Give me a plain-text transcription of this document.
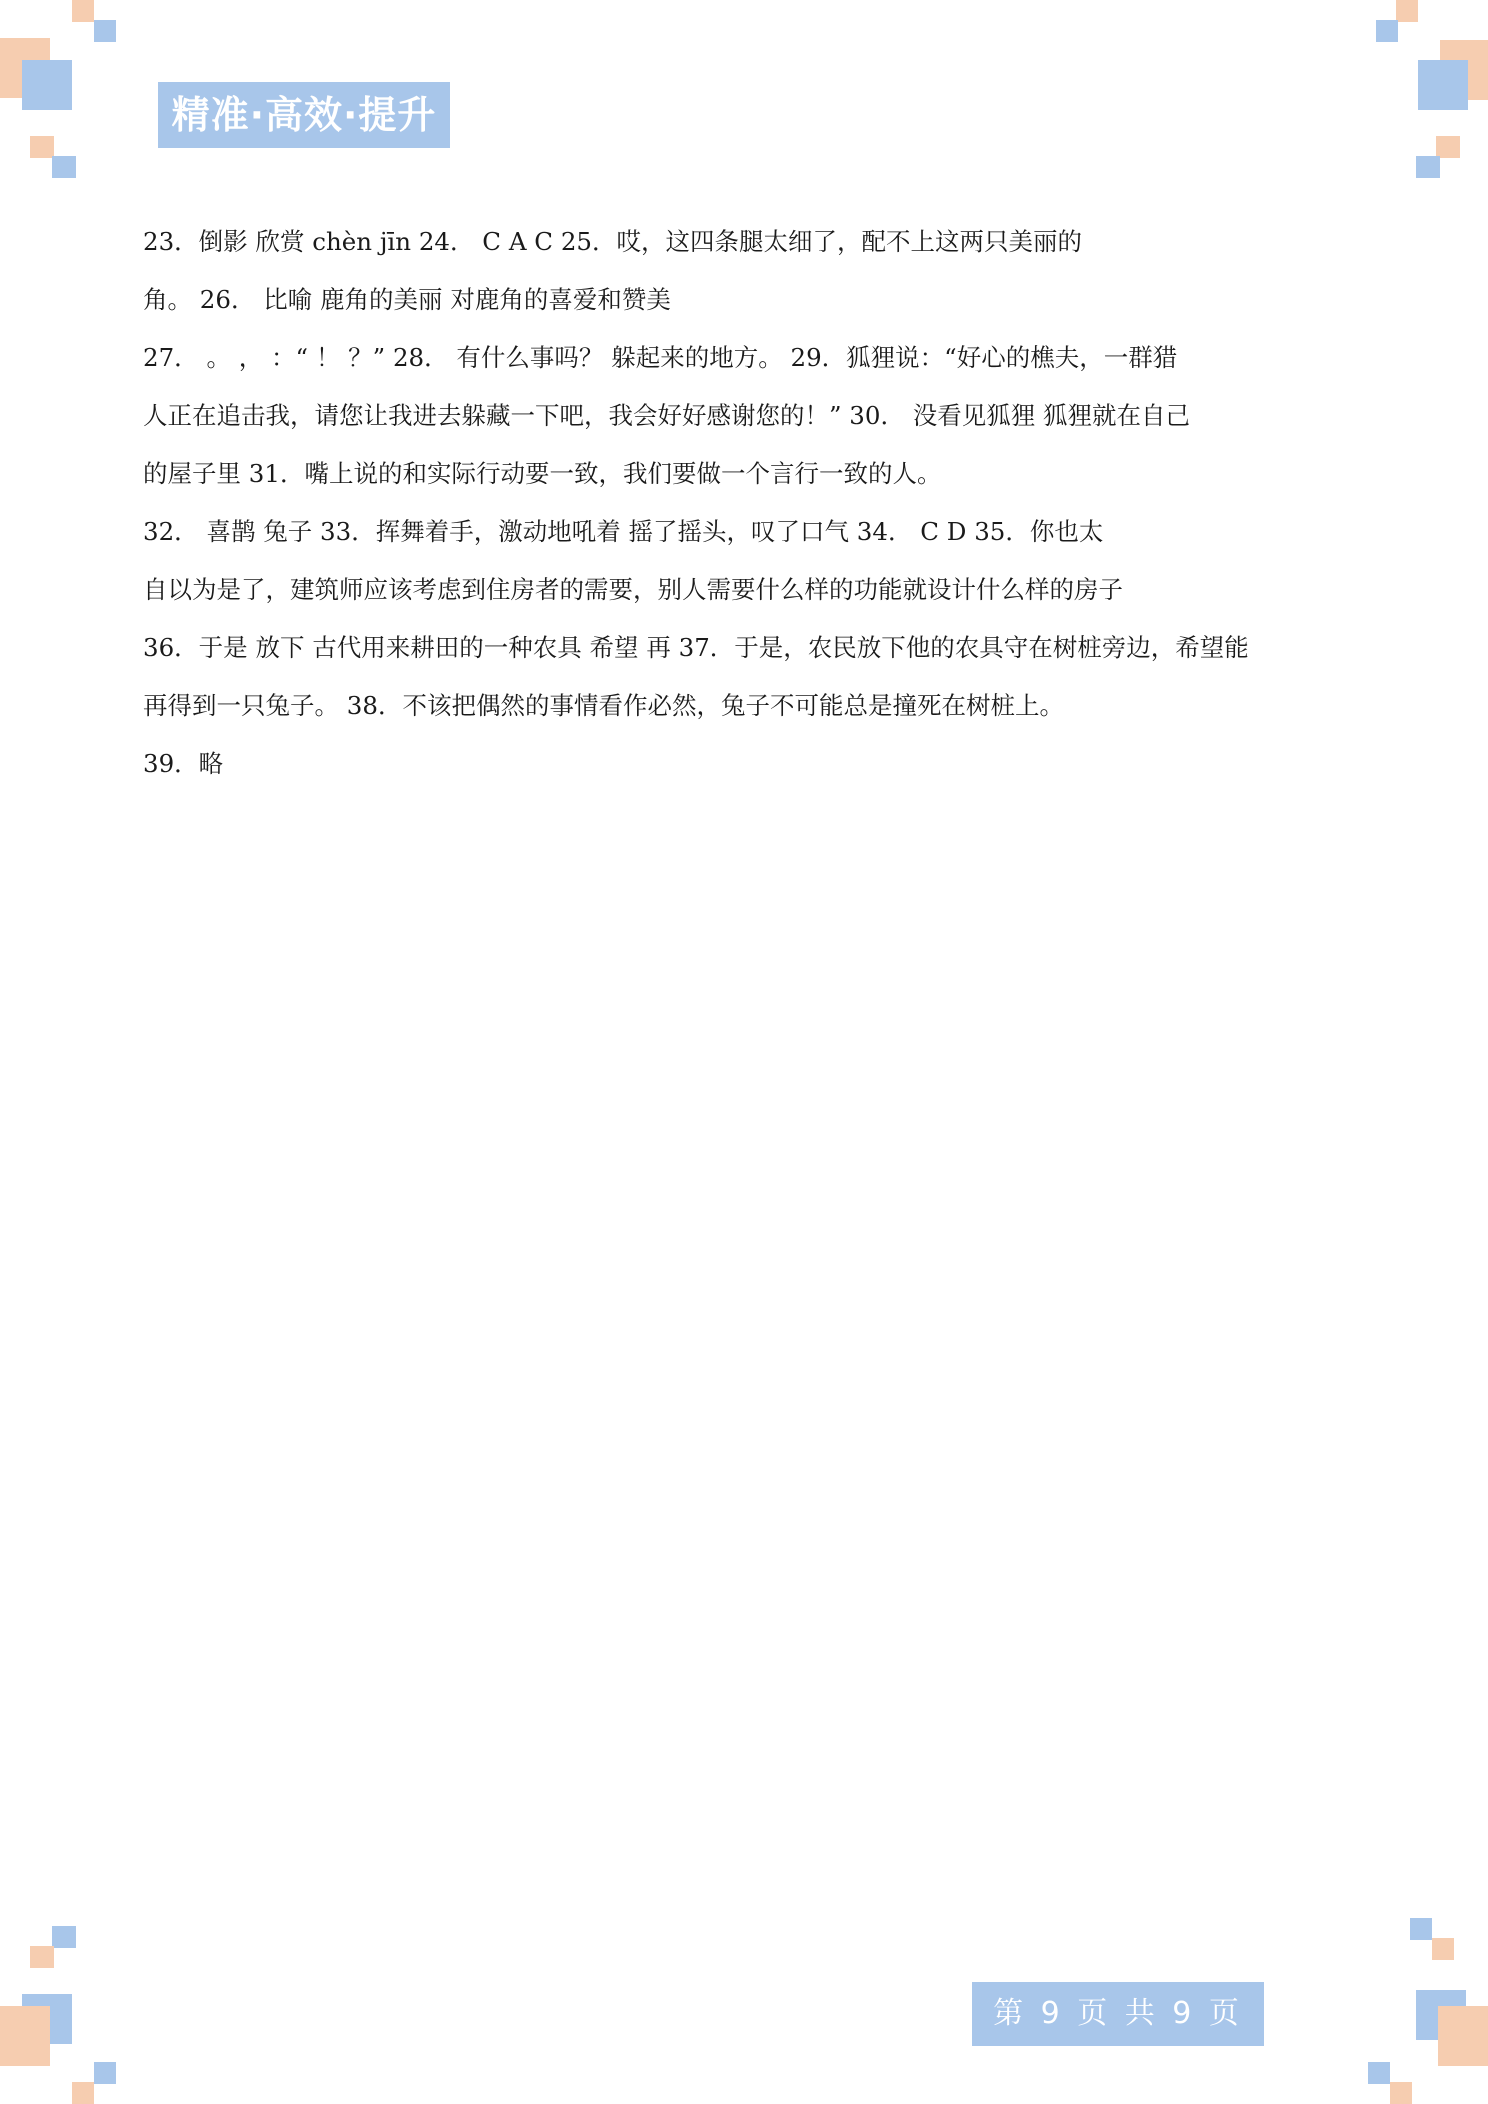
精准·高效·提升
23．倒影 欣赏 chèn jīn 24． C A C 25．哎，这四条腿太细了，配不上这两只美丽的
角。 26． 比喻 鹿角的美丽 对鹿角的喜爱和赞美
27． 。 ， ：“ ！ ？” 28． 有什么事吗？ 躲起来的地方。 29．狐狸说：“好心的樵夫，一群猎
人正在追击我，请您让我进去躲藏一下吧，我会好好感谢您的！” 30． 没看见狐狸 狐狸就在自己
的屋子里 31．嘴上说的和实际行动要一致，我们要做一个言行一致的人。
32． 喜鹊 兔子 33．挥舞着手，激动地吼着 摇了摇头，叹了口气 34． C D 35．你也太
自以为是了，建筑师应该考虑到住房者的需要，别人需要什么样的功能就设计什么样的房子
36．于是 放下 古代用来耕田的一种农具 希望 再 37．于是，农民放下他的农具守在树桩旁边，希望能
再得到一只兔子。 38．不该把偶然的事情看作必然，兔子不可能总是撞死在树桩上。
39．略
第 9 页 共 9 页
